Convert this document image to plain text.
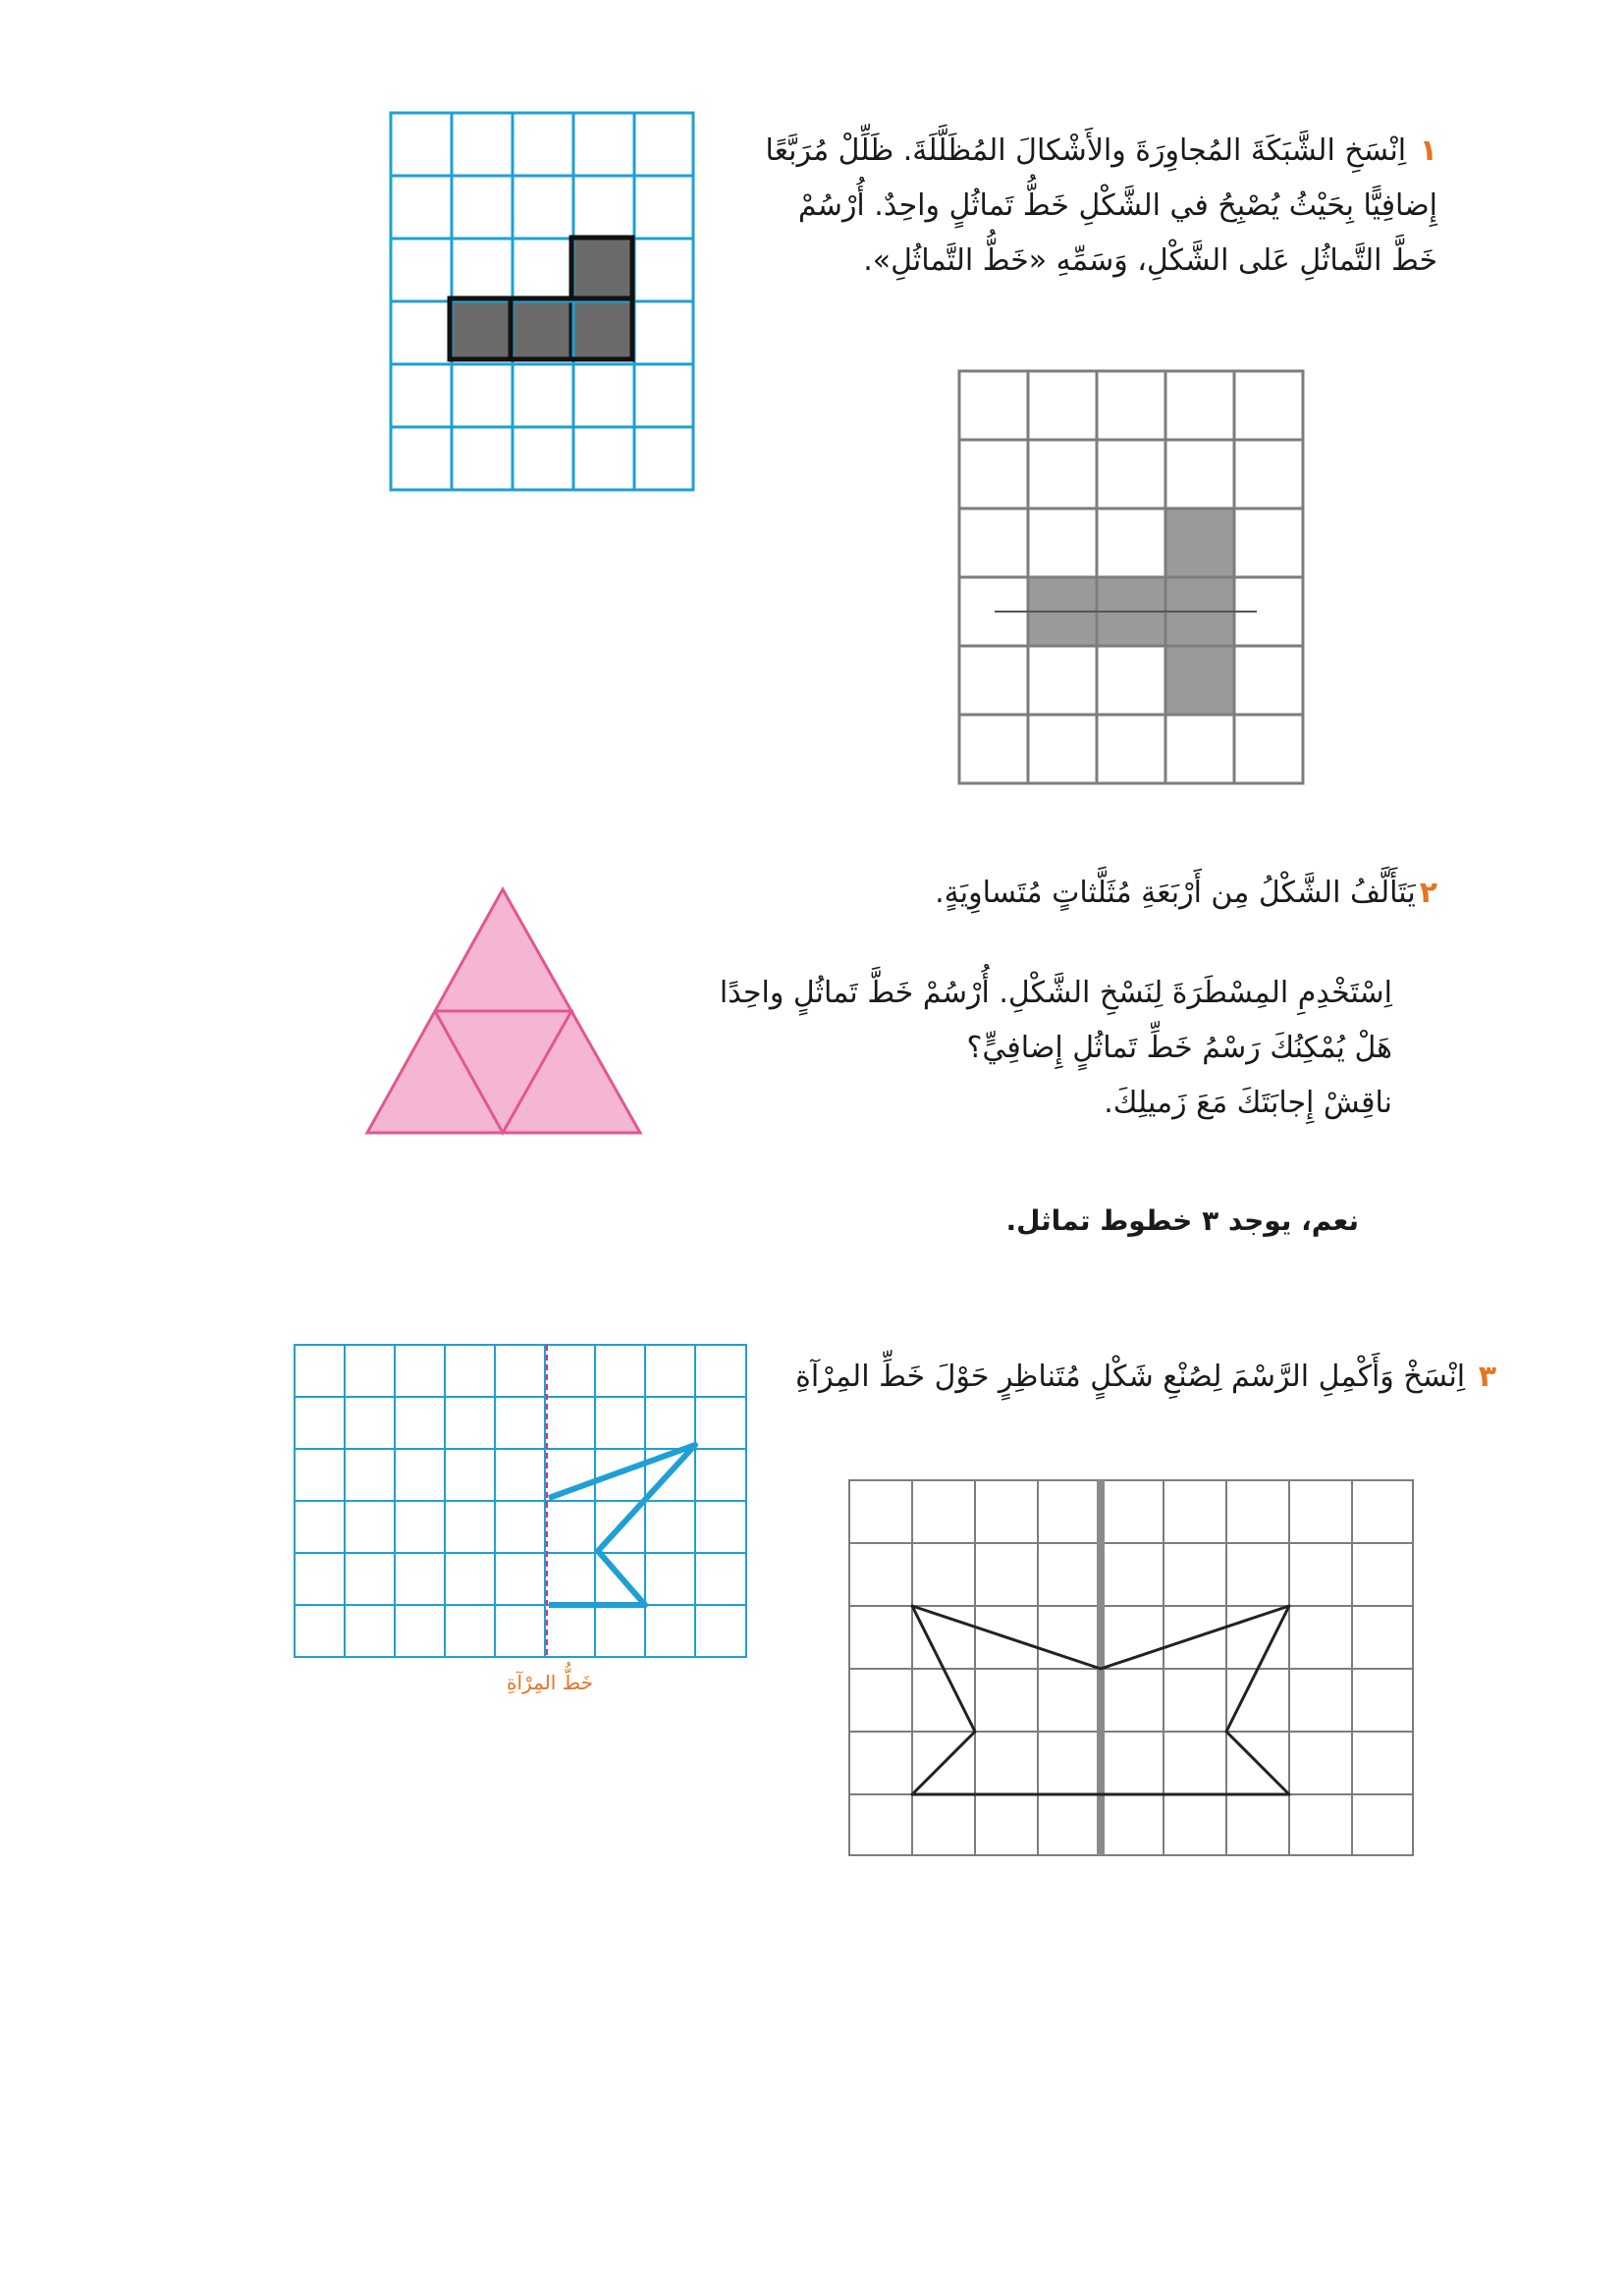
١ اِنْسَخِ الشَّبَكَةَ المُجاوِرَةَ والأَشْكالَ المُظَلَّلَةَ. ظَلِّلْ مُرَبَّعًا
إِضافِيًّا بِحَيْثُ يُصْبِحُ في الشَّكْلِ خَطُّ تَماثُلٍ واحِدٌ. أُرْسُمْ
خَطَّ التَّماثُلِ عَلى الشَّكْلِ، وَسَمِّهِ «خَطُّ التَّماثُلِ».
٢يَتَأَلَّفُ الشَّكْلُ مِن أَرْبَعَةِ مُثَلَّثاتٍ مُتَساوِيَةٍ.
اِسْتَخْدِمِ المِسْطَرَةَ لِنَسْخِ الشَّكْلِ. أُرْسُمْ خَطَّ تَماثُلٍ واحِدًا
هَلْ يُمْكِنُكَ رَسْمُ خَطِّ تَماثُلٍ إِضافِيٍّ؟
ناقِشْ إِجابَتَكَ مَعَ زَميلِكَ.
نعم، يوجد ٣ خطوط تماثل.
خَطُّ المِرْآةِ
٣ اِنْسَخْ وَأَكْمِلِ الرَّسْمَ لِصُنْعِ شَكْلٍ مُتَناظِرٍ حَوْلَ خَطِّ المِرْآةِ
